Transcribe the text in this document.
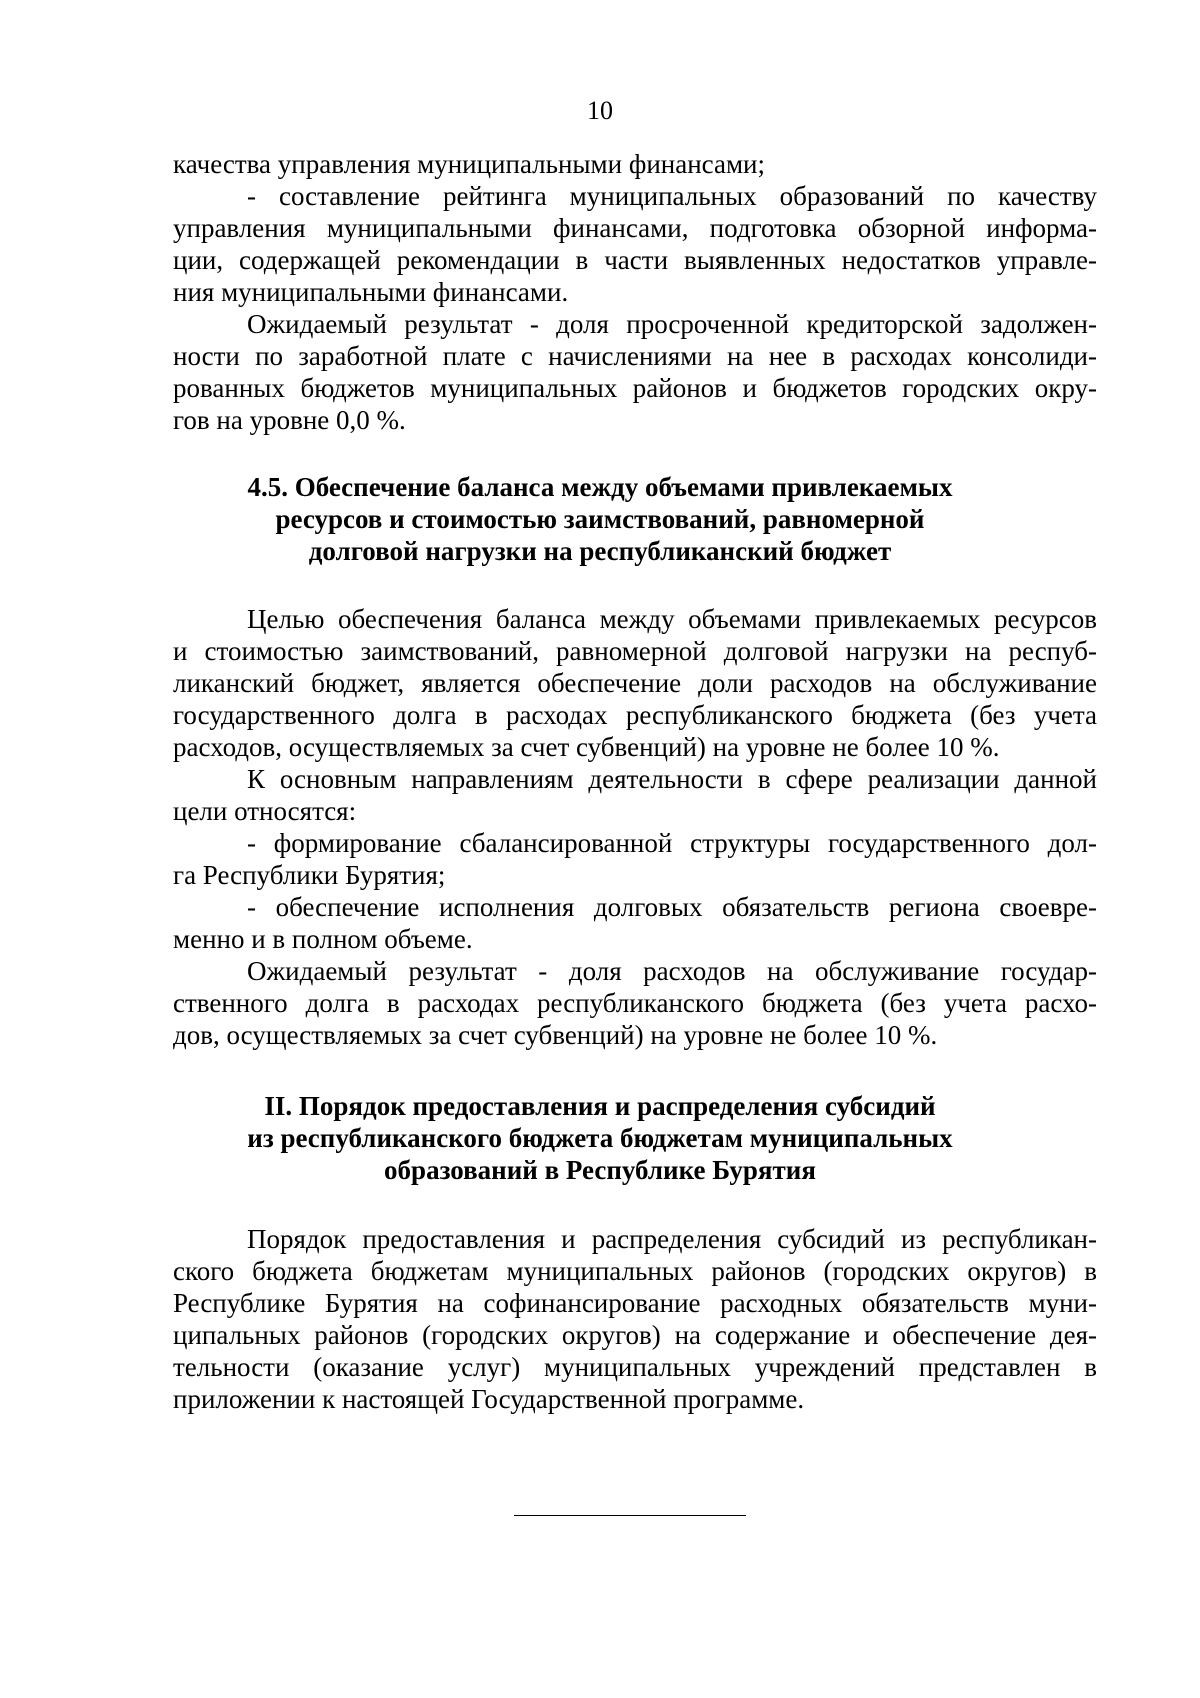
10
качества управления муниципальными финансами;
- составление рейтинга муниципальных образований по качеству
управления муниципальными финансами, подготовка обзорной информа-
ции, содержащей рекомендации в части выявленных недостатков управле-
ния муниципальными финансами.
Ожидаемый результат - доля просроченной кредиторской задолжен-
ности по заработной плате с начислениями на нее в расходах консолиди-
рованных бюджетов муниципальных районов и бюджетов городских окру-
гов на уровне 0,0 %.
4.5. Обеспечение баланса между объемами привлекаемых
ресурсов и стоимостью заимствований, равномерной
долговой нагрузки на республиканский бюджет
Целью обеспечения баланса между объемами привлекаемых ресурсов
и стоимостью заимствований, равномерной долговой нагрузки на респуб-
ликанский бюджет, является обеспечение доли расходов на обслуживание
государственного долга в расходах республиканского бюджета (без учета
расходов, осуществляемых за счет субвенций) на уровне не более 10 %.
К основным направлениям деятельности в сфере реализации данной
цели относятся:
- формирование сбалансированной структуры государственного дол-
га Республики Бурятия;
- обеспечение исполнения долговых обязательств региона своевре-
менно и в полном объеме.
Ожидаемый результат - доля расходов на обслуживание государ-
ственного долга в расходах республиканского бюджета (без учета расхо-
дов, осуществляемых за счет субвенций) на уровне не более 10 %.
II. Порядок предоставления и распределения субсидий
из республиканского бюджета бюджетам муниципальных
образований в Республике Бурятия
Порядок предоставления и распределения субсидий из республикан-
ского бюджета бюджетам муниципальных районов (городских округов) в
Республике Бурятия на софинансирование расходных обязательств муни-
ципальных районов (городских округов) на содержание и обеспечение дея-
тельности (оказание услуг) муниципальных учреждений представлен в
приложении к настоящей Государственной программе.
